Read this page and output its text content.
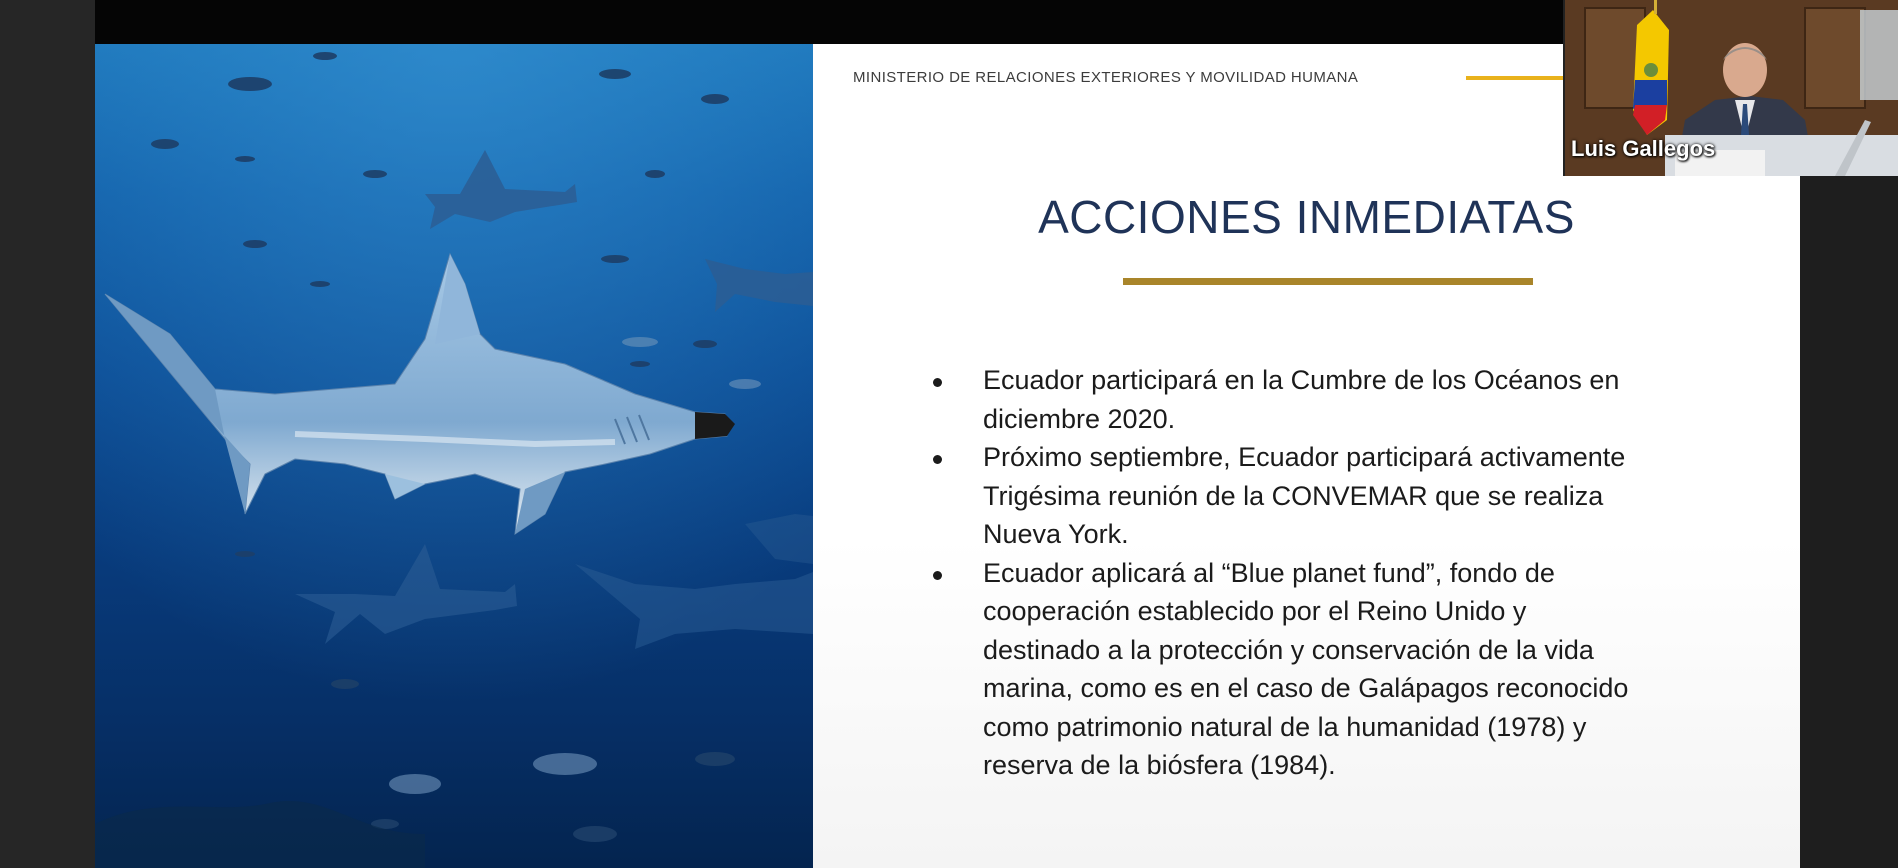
MINISTERIO DE RELACIONES EXTERIORES Y MOVILIDAD HUMANA
ACCIONES INMEDIATAS
Ecuador participará en la Cumbre de los Océanos en
diciembre 2020.
Próximo septiembre, Ecuador participará activamente
Trigésima reunión de la CONVEMAR que se realiza
Nueva York.
Ecuador aplicará al “Blue planet fund”, fondo de
cooperación establecido por el Reino Unido y
destinado a la protección y conservación de la vida
marina, como es en el caso de Galápagos reconocido
como patrimonio natural de la humanidad (1978) y
reserva de la biósfera (1984).
Luis Gallegos
